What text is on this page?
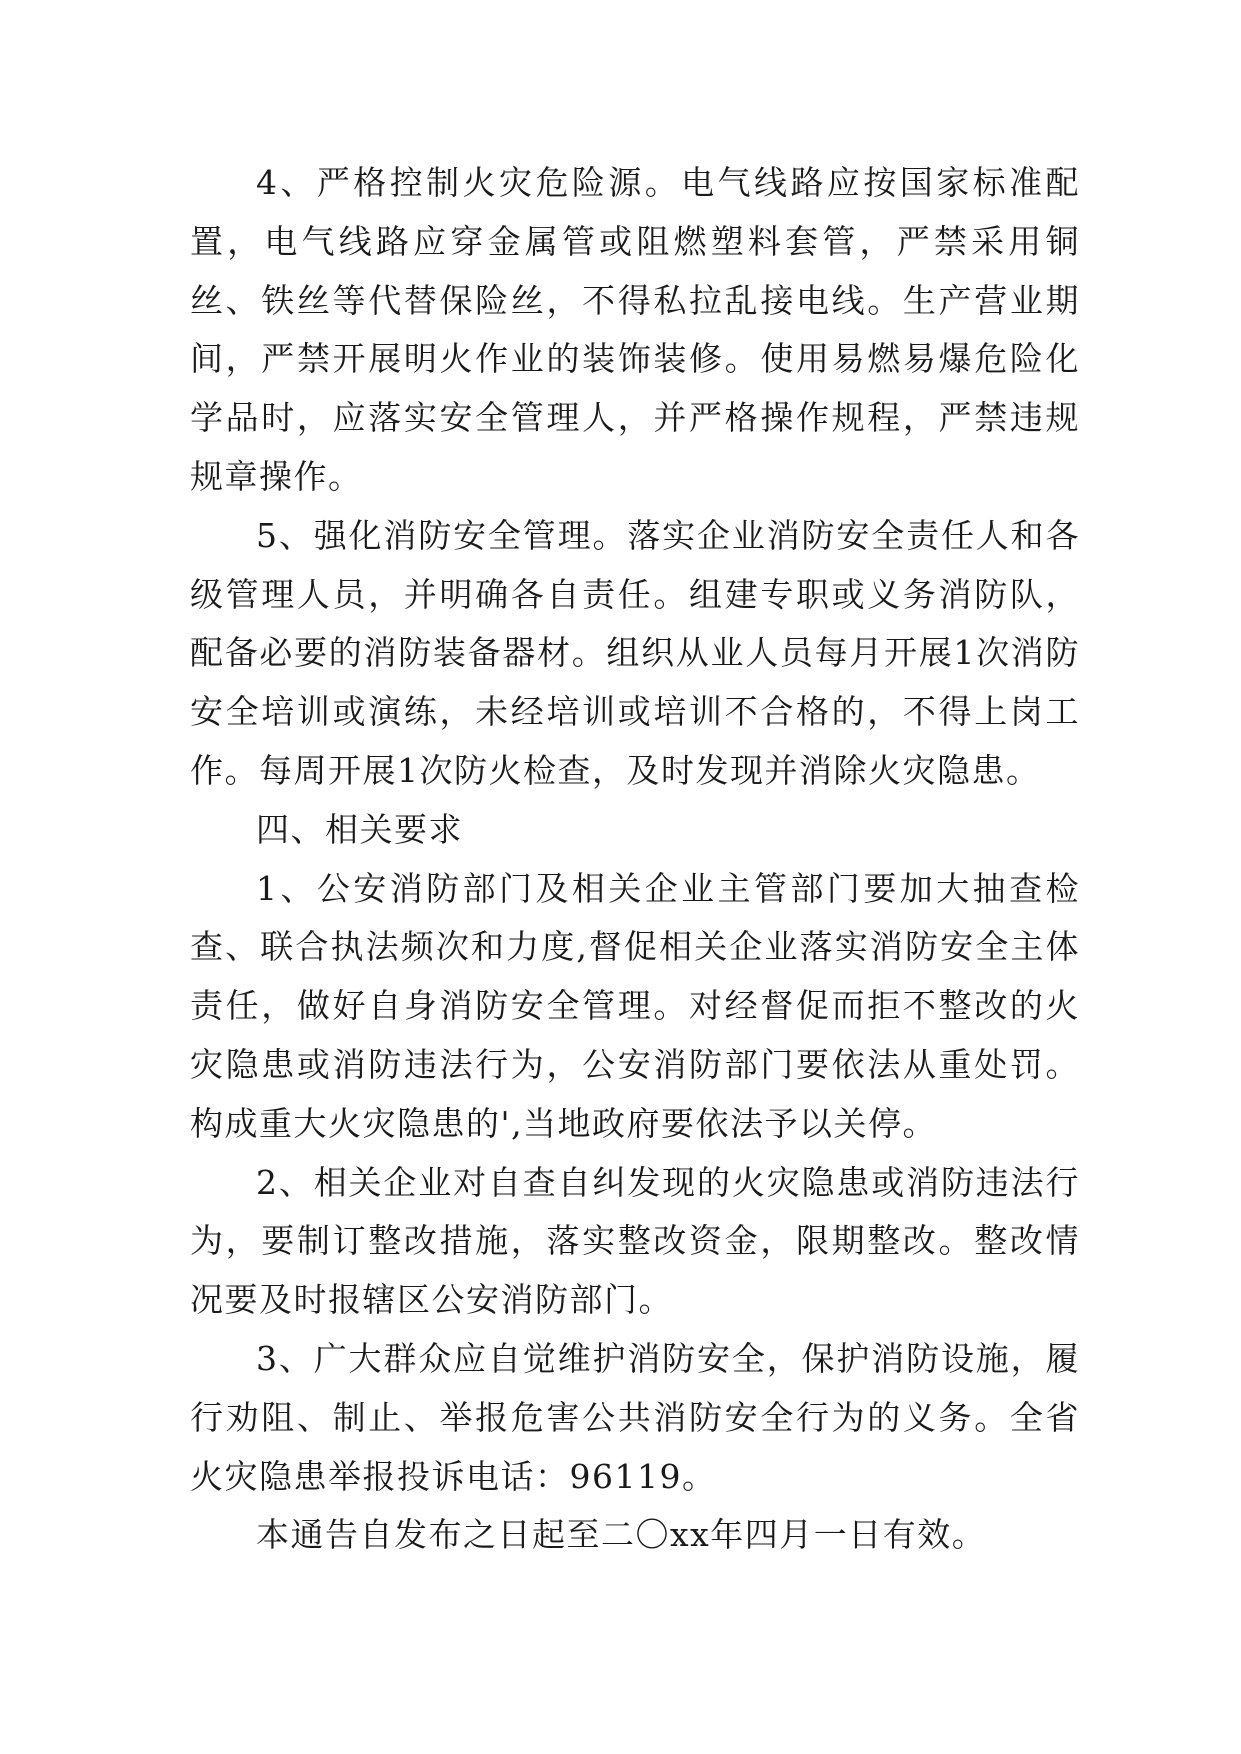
4、严格控制火灾危险源。电气线路应按国家标准配置，电气线路应穿金属管或阻燃塑料套管，严禁采用铜丝、铁丝等代替保险丝，不得私拉乱接电线。生产营业期间，严禁开展明火作业的装饰装修。使用易燃易爆危险化学品时，应落实安全管理人，并严格操作规程，严禁违规规章操作。

5、强化消防安全管理。落实企业消防安全责任人和各级管理人员，并明确各自责任。组建专职或义务消防队，配备必要的消防装备器材。组织从业人员每月开展1次消防安全培训或演练，未经培训或培训不合格的，不得上岗工作。每周开展1次防火检查，及时发现并消除火灾隐患。

四、相关要求

1、公安消防部门及相关企业主管部门要加大抽查检查、联合执法频次和力度,督促相关企业落实消防安全主体责任，做好自身消防安全管理。对经督促而拒不整改的火灾隐患或消防违法行为，公安消防部门要依法从重处罚。构成重大火灾隐患的',当地政府要依法予以关停。

2、相关企业对自查自纠发现的火灾隐患或消防违法行为，要制订整改措施，落实整改资金，限期整改。整改情况要及时报辖区公安消防部门。

3、广大群众应自觉维护消防安全，保护消防设施，履行劝阻、制止、举报危害公共消防安全行为的义务。全省火灾隐患举报投诉电话：96119。

本通告自发布之日起至二〇xx年四月一日有效。
